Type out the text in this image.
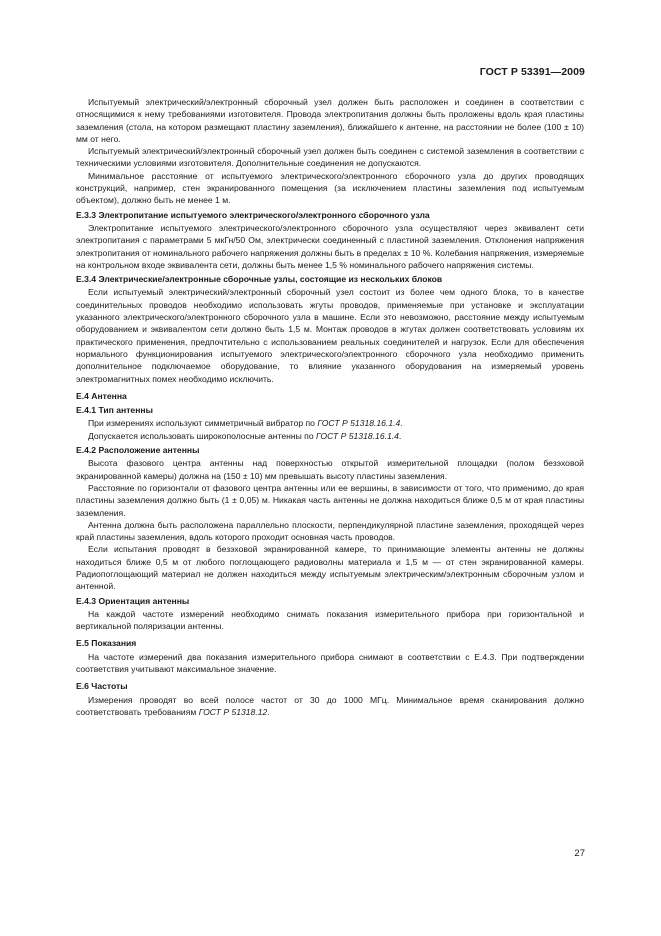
ГОСТ Р 53391—2009

Испытуемый электрический/электронный сборочный узел должен быть расположен и соединен в соответствии с относящимися к нему требованиями изготовителя. Провода электропитания должны быть проложены вдоль края пластины заземления (стола, на котором размещают пластину заземления), ближайшего к антенне, на расстоянии не более (100 ± 10) мм от него.

Испытуемый электрический/электронный сборочный узел должен быть соединен с системой заземления в соответствии с техническими условиями изготовителя. Дополнительные соединения не допускаются.

Минимальное расстояние от испытуемого электрического/электронного сборочного узла до других проводящих конструкций, например, стен экранированного помещения (за исключением пластины заземления под испытуемым объектом), должно быть не менее 1 м.

Е.3.3 Электропитание испытуемого электрического/электронного сборочного узла

Электропитание испытуемого электрического/электронного сборочного узла осуществляют через эквивалент сети электропитания с параметрами 5 мкГн/50 Ом, электрически соединенный с пластиной заземления. Отклонения напряжения электропитания от номинального рабочего напряжения должны быть в пределах ± 10 %. Колебания напряжения, измеряемые на контрольном входе эквивалента сети, должны быть менее 1,5 % номинального рабочего напряжения системы.

Е.3.4 Электрические/электронные сборочные узлы, состоящие из нескольких блоков

Если испытуемый электрический/электронный сборочный узел состоит из более чем одного блока, то в качестве соединительных проводов необходимо использовать жгуты проводов, применяемые при установке и эксплуатации указанного электрического/электронного сборочного узла в машине. Если это невозможно, расстояние между испытуемым оборудованием и эквивалентом сети должно быть 1,5 м. Монтаж проводов в жгутах должен соответствовать условиям их практического применения, предпочтительно с использованием реальных соединителей и нагрузок. Если для обеспечения нормального функционирования испытуемого электрического/электронного сборочного узла необходимо применить дополнительное подключаемое оборудование, то влияние указанного оборудования на измеряемый уровень электромагнитных помех необходимо исключить.

Е.4 Антенна
Е.4.1 Тип антенны

При измерениях используют симметричный вибратор по ГОСТ Р 51318.16.1.4.

Допускается использовать широкополосные антенны по ГОСТ Р 51318.16.1.4.

Е.4.2 Расположение антенны

Высота фазового центра антенны над поверхностью открытой измерительной площадки (полом безэховой экранированной камеры) должна на (150 ± 10) мм превышать высоту пластины заземления.

Расстояние по горизонтали от фазового центра антенны или ее вершины, в зависимости от того, что применимо, до края пластины заземления должно быть (1 ± 0,05) м. Никакая часть антенны не должна находиться ближе 0,5 м от края пластины заземления.

Антенна должна быть расположена параллельно плоскости, перпендикулярной пластине заземления, проходящей через край пластины заземления, вдоль которого проходит основная часть проводов.

Если испытания проводят в безэховой экранированной камере, то принимающие элементы антенны не должны находиться ближе 0,5 м от любого поглощающего радиоволны материала и 1,5 м — от стен экранированной камеры. Радиопоглощающий материал не должен находиться между испытуемым электрическим/электронным сборочным узлом и антенной.

Е.4.3 Ориентация антенны

На каждой частоте измерений необходимо снимать показания измерительного прибора при горизонтальной и вертикальной поляризации антенны.

Е.5 Показания

На частоте измерений два показания измерительного прибора снимают в соответствии с Е.4.3. При подтверждении соответствия учитывают максимальное значение.

Е.6 Частоты

Измерения проводят во всей полосе частот от 30 до 1000 МГц. Минимальное время сканирования должно соответствовать требованиям ГОСТ Р 51318.12.

27
